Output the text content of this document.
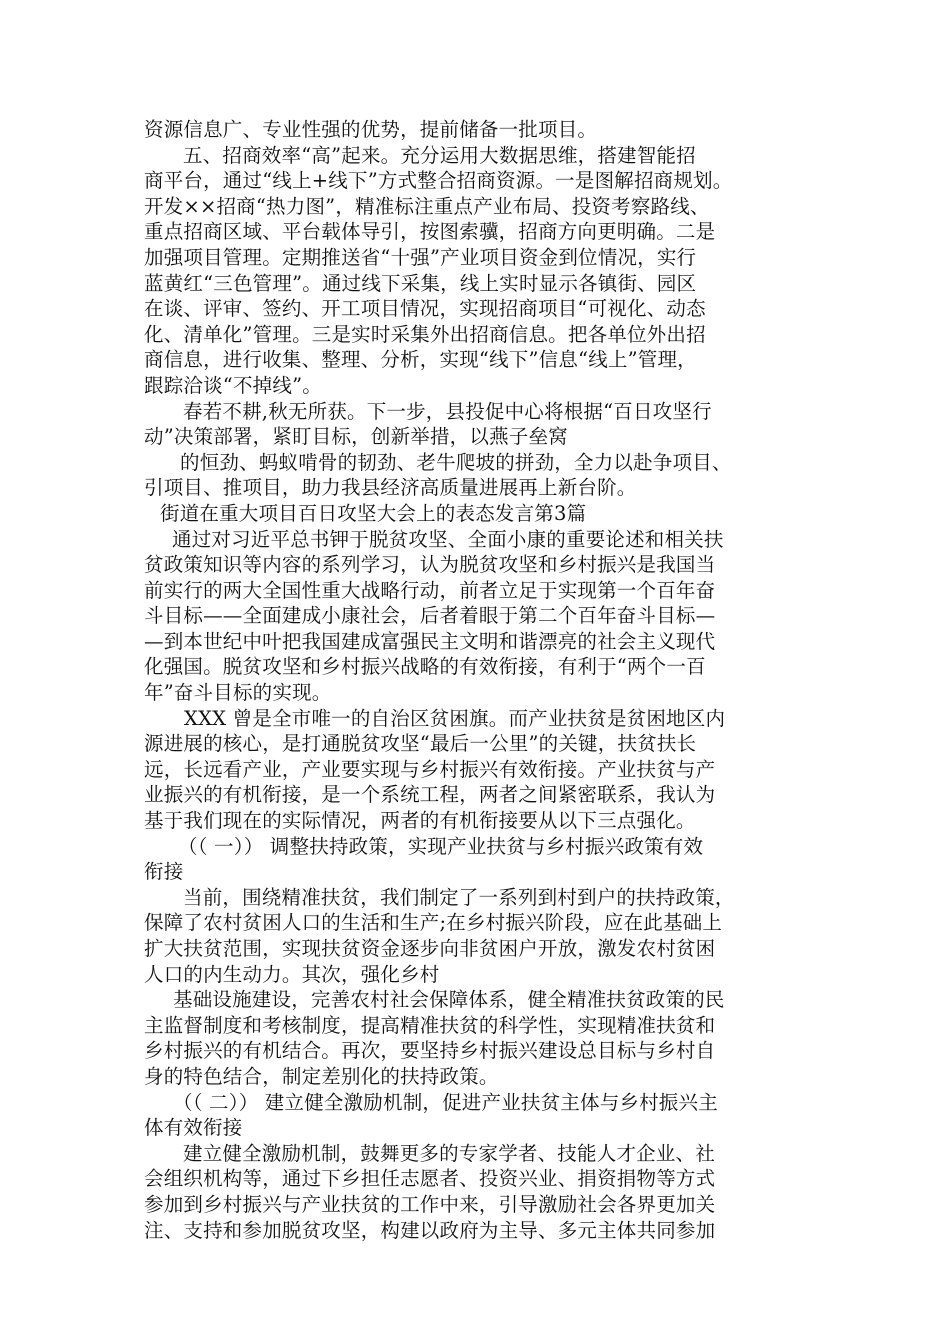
资源信息广、专业性强的优势，提前储备一批项目。
五、招商效率“高”起来。充分运用大数据思维，搭建智能招
商平台，通过“线上+线下”方式整合招商资源。一是图解招商规划。
开发××招商“热力图”，精准标注重点产业布局、投资考察路线、
重点招商区域、平台载体导引，按图索骥，招商方向更明确。二是
加强项目管理。定期推送省“十强”产业项目资金到位情况，实行
蓝黄红“三色管理”。通过线下采集，线上实时显示各镇街、园区
在谈、评审、签约、开工项目情况，实现招商项目“可视化、动态
化、清单化”管理。三是实时采集外出招商信息。把各单位外出招
商信息，进行收集、整理、分析，实现“线下”信息“线上”管理，
跟踪洽谈“不掉线”。
春若不耕,秋无所获。下一步，县投促中心将根据“百日攻坚行
动”决策部署，紧盯目标，创新举措，以燕子垒窝
的恒劲、蚂蚁啃骨的韧劲、老牛爬坡的拼劲，全力以赴争项目、
引项目、推项目，助力我县经济高质量进展再上新台阶。
街道在重大项目百日攻坚大会上的表态发言第3篇
通过对习近平总书钾于脱贫攻坚、全面小康的重要论述和相关扶
贫政策知识等内容的系列学习，认为脱贫攻坚和乡村振兴是我国当
前实行的两大全国性重大战略行动，前者立足于实现第一个百年奋
斗目标——全面建成小康社会，后者着眼于第二个百年奋斗目标—
—到本世纪中叶把我国建成富强民主文明和谐漂亮的社会主义现代
化强国。脱贫攻坚和乡村振兴战略的有效衔接，有利于“两个一百
年”奋斗目标的实现。
XXX 曾是全市唯一的自治区贫困旗。而产业扶贫是贫困地区内
源进展的核心，是打通脱贫攻坚“最后一公里”的关键，扶贫扶长
远，长远看产业，产业要实现与乡村振兴有效衔接。产业扶贫与产
业振兴的有机衔接，是一个系统工程，两者之间紧密联系，我认为
基于我们现在的实际情况，两者的有机衔接要从以下三点强化。
（（ 一）） 调整扶持政策，实现产业扶贫与乡村振兴政策有效
衔接
当前，围绕精准扶贫，我们制定了一系列到村到户的扶持政策，
保障了农村贫困人口的生活和生产;在乡村振兴阶段，应在此基础上
扩大扶贫范围，实现扶贫资金逐步向非贫困户开放，激发农村贫困
人口的内生动力。其次，强化乡村
基础设施建设，完善农村社会保障体系，健全精准扶贫政策的民
主监督制度和考核制度，提高精准扶贫的科学性，实现精准扶贫和
乡村振兴的有机结合。再次，要坚持乡村振兴建设总目标与乡村自
身的特色结合，制定差别化的扶持政策。
（（ 二）） 建立健全激励机制，促进产业扶贫主体与乡村振兴主
体有效衔接
建立健全激励机制，鼓舞更多的专家学者、技能人才企业、社
会组织机构等，通过下乡担任志愿者、投资兴业、捐资捐物等方式
参加到乡村振兴与产业扶贫的工作中来，引导激励社会各界更加关
注、支持和参加脱贫攻坚，构建以政府为主导、多元主体共同参加
